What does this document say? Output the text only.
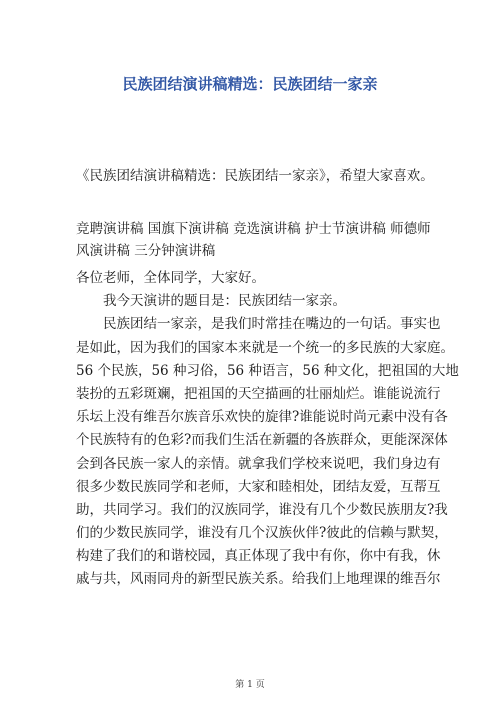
民族团结演讲稿精选：民族团结一家亲
《民族团结演讲稿精选：民族团结一家亲》，希望大家喜欢。
竞聘演讲稿 国旗下演讲稿 竞选演讲稿 护士节演讲稿 师德师
风演讲稿 三分钟演讲稿
各位老师，全体同学，大家好。
我今天演讲的题目是：民族团结一家亲。
民族团结一家亲，是我们时常挂在嘴边的一句话。事实也
是如此，因为我们的国家本来就是一个统一的多民族的大家庭。
56 个民族，56 种习俗，56 种语言，56 种文化，把祖国的大地
装扮的五彩斑斓，把祖国的天空描画的壮丽灿烂。谁能说流行
乐坛上没有维吾尔族音乐欢快的旋律?谁能说时尚元素中没有各
个民族特有的色彩?而我们生活在新疆的各族群众，更能深深体
会到各民族一家人的亲情。就拿我们学校来说吧，我们身边有
很多少数民族同学和老师，大家和睦相处，团结友爱，互帮互
助，共同学习。我们的汉族同学，谁没有几个少数民族朋友?我
们的少数民族同学，谁没有几个汉族伙伴?彼此的信赖与默契，
构建了我们的和谐校园，真正体现了我中有你，你中有我，休
戚与共，风雨同舟的新型民族关系。给我们上地理课的维吾尔
第 1 页
